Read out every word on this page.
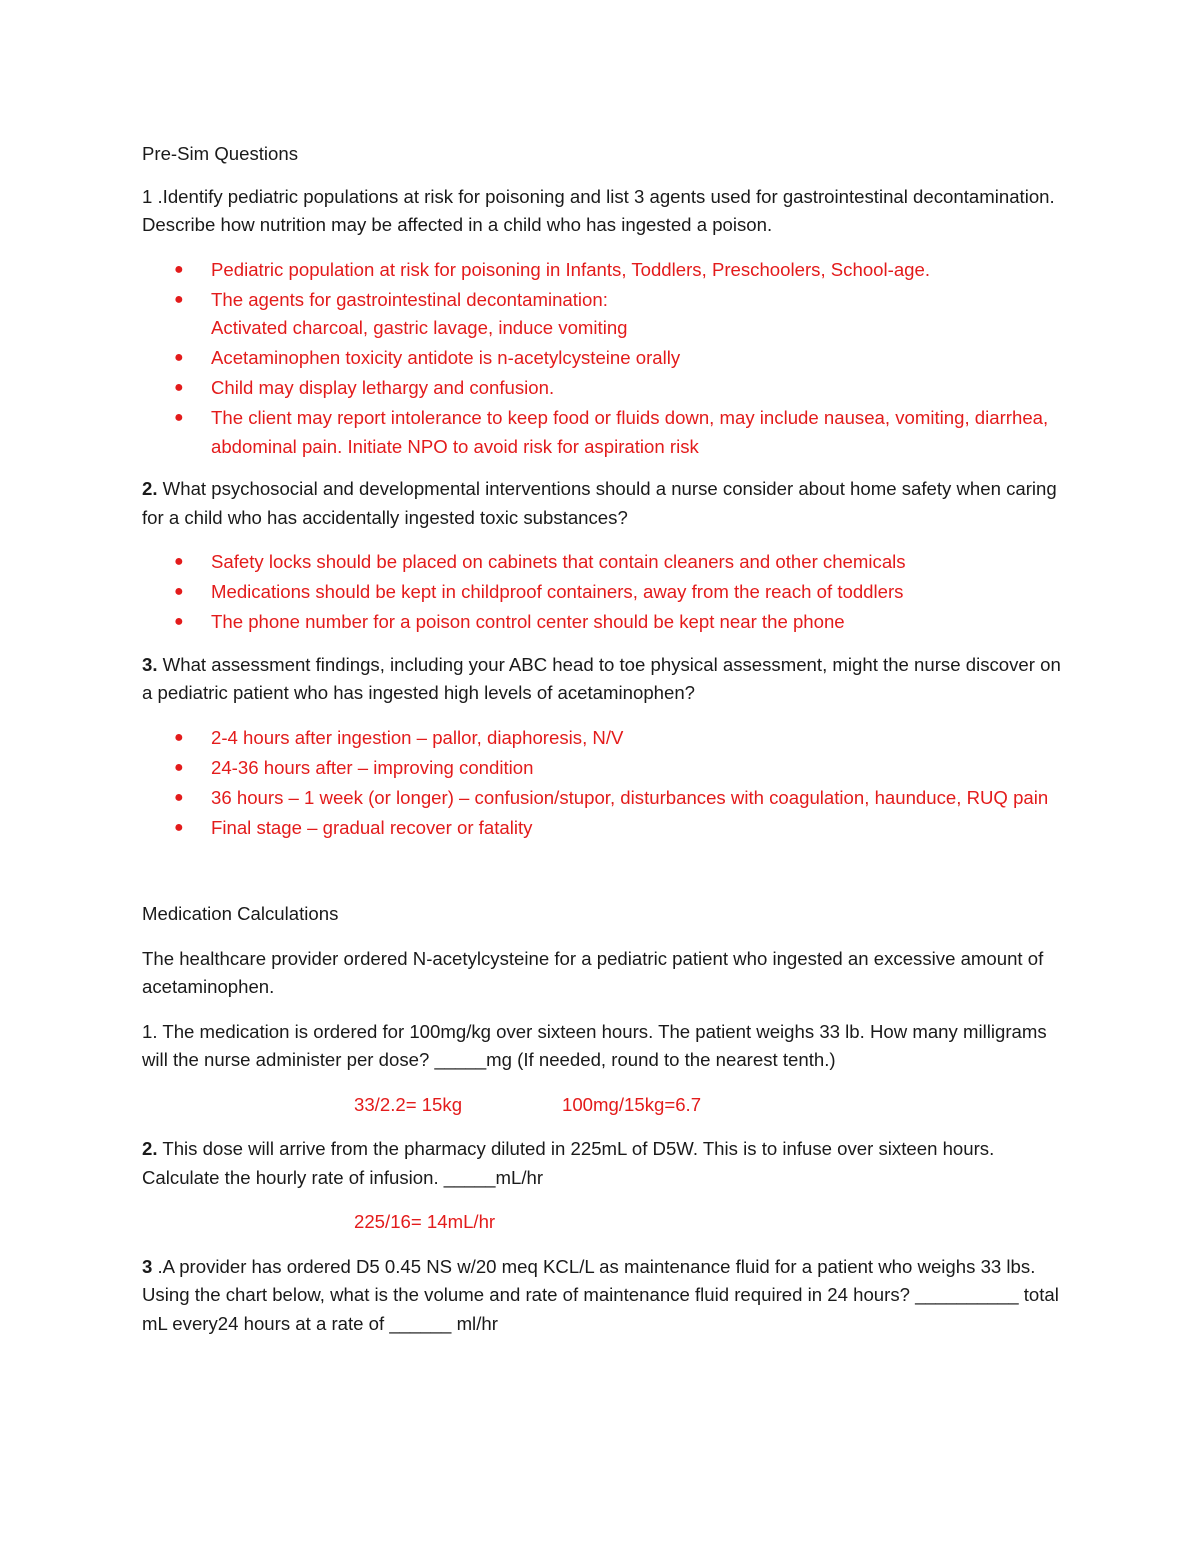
Pre-Sim Questions

1 .Identify pediatric populations at risk for poisoning and list 3 agents used for gastrointestinal decontamination. Describe how nutrition may be affected in a child who has ingested a poison.

● Pediatric population at risk for poisoning in Infants, Toddlers, Preschoolers, School-age.
● The agents for gastrointestinal decontamination:
Activated charcoal, gastric lavage, induce vomiting
● Acetaminophen toxicity antidote is n-acetylcysteine orally
● Child may display lethargy and confusion.
● The client may report intolerance to keep food or fluids down, may include nausea, vomiting, diarrhea, abdominal pain. Initiate NPO to avoid risk for aspiration risk

2. What psychosocial and developmental interventions should a nurse consider about home safety when caring for a child who has accidentally ingested toxic substances?

● Safety locks should be placed on cabinets that contain cleaners and other chemicals
● Medications should be kept in childproof containers, away from the reach of toddlers
● The phone number for a poison control center should be kept near the phone

3. What assessment findings, including your ABC head to toe physical assessment, might the nurse discover on a pediatric patient who has ingested high levels of acetaminophen?

● 2-4 hours after ingestion – pallor, diaphoresis, N/V
● 24-36 hours after – improving condition
● 36 hours – 1 week (or longer) – confusion/stupor, disturbances with coagulation, haunduce, RUQ pain
● Final stage – gradual recover or fatality

Medication Calculations

The healthcare provider ordered N-acetylcysteine for a pediatric patient who ingested an excessive amount of acetaminophen.

1. The medication is ordered for 100mg/kg over sixteen hours. The patient weighs 33 lb. How many milligrams will the nurse administer per dose? _____mg (If needed, round to the nearest tenth.)

33/2.2= 15kg	100mg/15kg=6.7

2. This dose will arrive from the pharmacy diluted in 225mL of D5W. This is to infuse over sixteen hours. Calculate the hourly rate of infusion. _____mL/hr

225/16= 14mL/hr

3 .A provider has ordered D5 0.45 NS w/20 meq KCL/L as maintenance fluid for a patient who weighs 33 lbs. Using the chart below, what is the volume and rate of maintenance fluid required in 24 hours? __________ total mL every24 hours at a rate of ______ ml/hr
